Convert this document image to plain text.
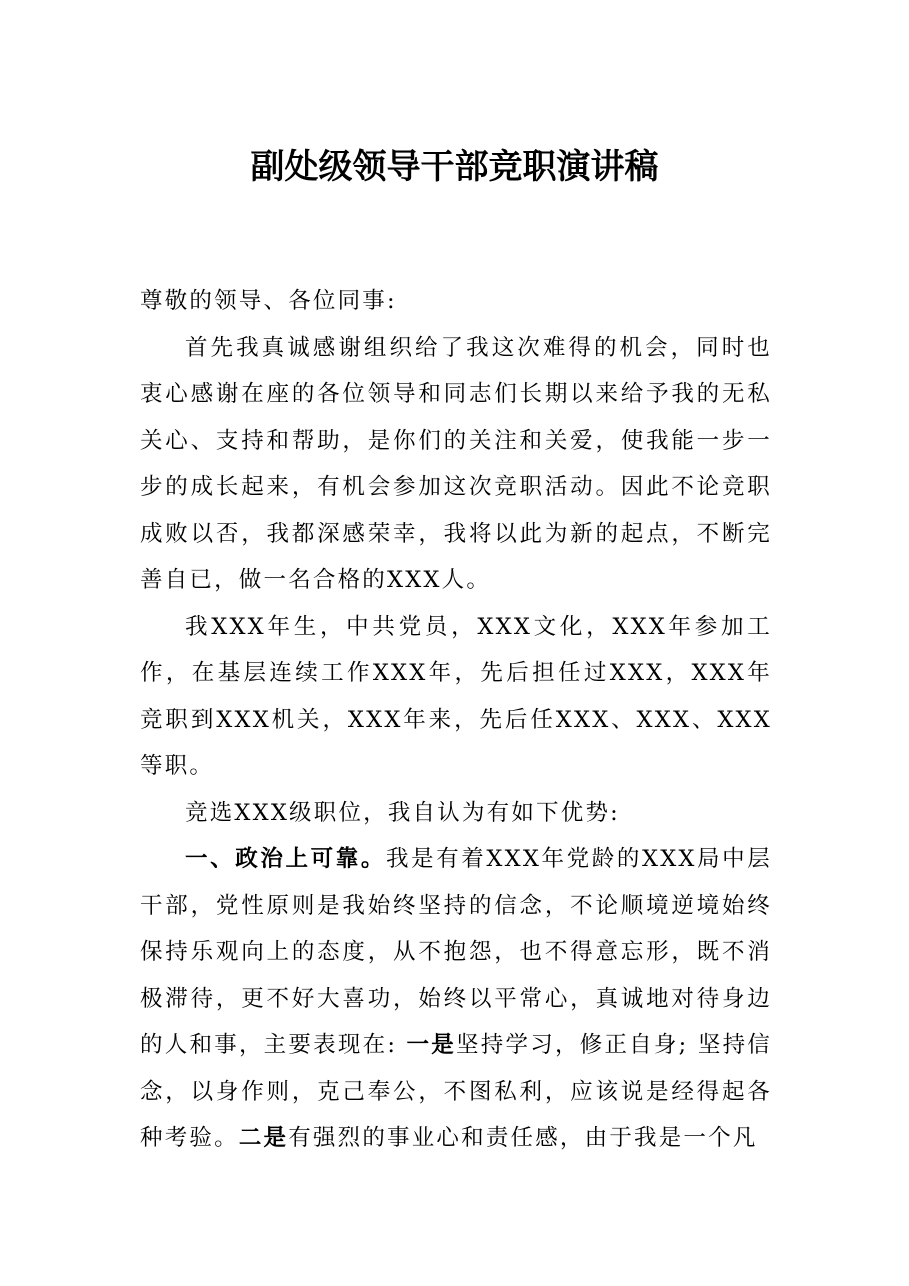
副处级领导干部竞职演讲稿

尊敬的领导、各位同事:

首先我真诚感谢组织给了我这次难得的机会，同时也衷心感谢在座的各位领导和同志们长期以来给予我的无私关心、支持和帮助，是你们的关注和关爱，使我能一步一步的成长起来，有机会参加这次竞职活动。因此不论竞职成败以否，我都深感荣幸，我将以此为新的起点，不断完善自已，做一名合格的XXX人。

我XXX年生，中共党员，XXX文化，XXX年参加工作，在基层连续工作XXX年，先后担任过XXX，XXX年竞职到XXX机关，XXX年来，先后任XXX、XXX、XXX等职。

竞选XXX级职位，我自认为有如下优势:

一、政治上可靠。我是有着XXX年党龄的XXX局中层干部，党性原则是我始终坚持的信念，不论顺境逆境始终保持乐观向上的态度，从不抱怨，也不得意忘形，既不消极滞待，更不好大喜功，始终以平常心，真诚地对待身边的人和事，主要表现在: 一是坚持学习，修正自身; 坚持信念，以身作则，克己奉公，不图私利，应该说是经得起各种考验。二是有强烈的事业心和责任感，由于我是一个凡
